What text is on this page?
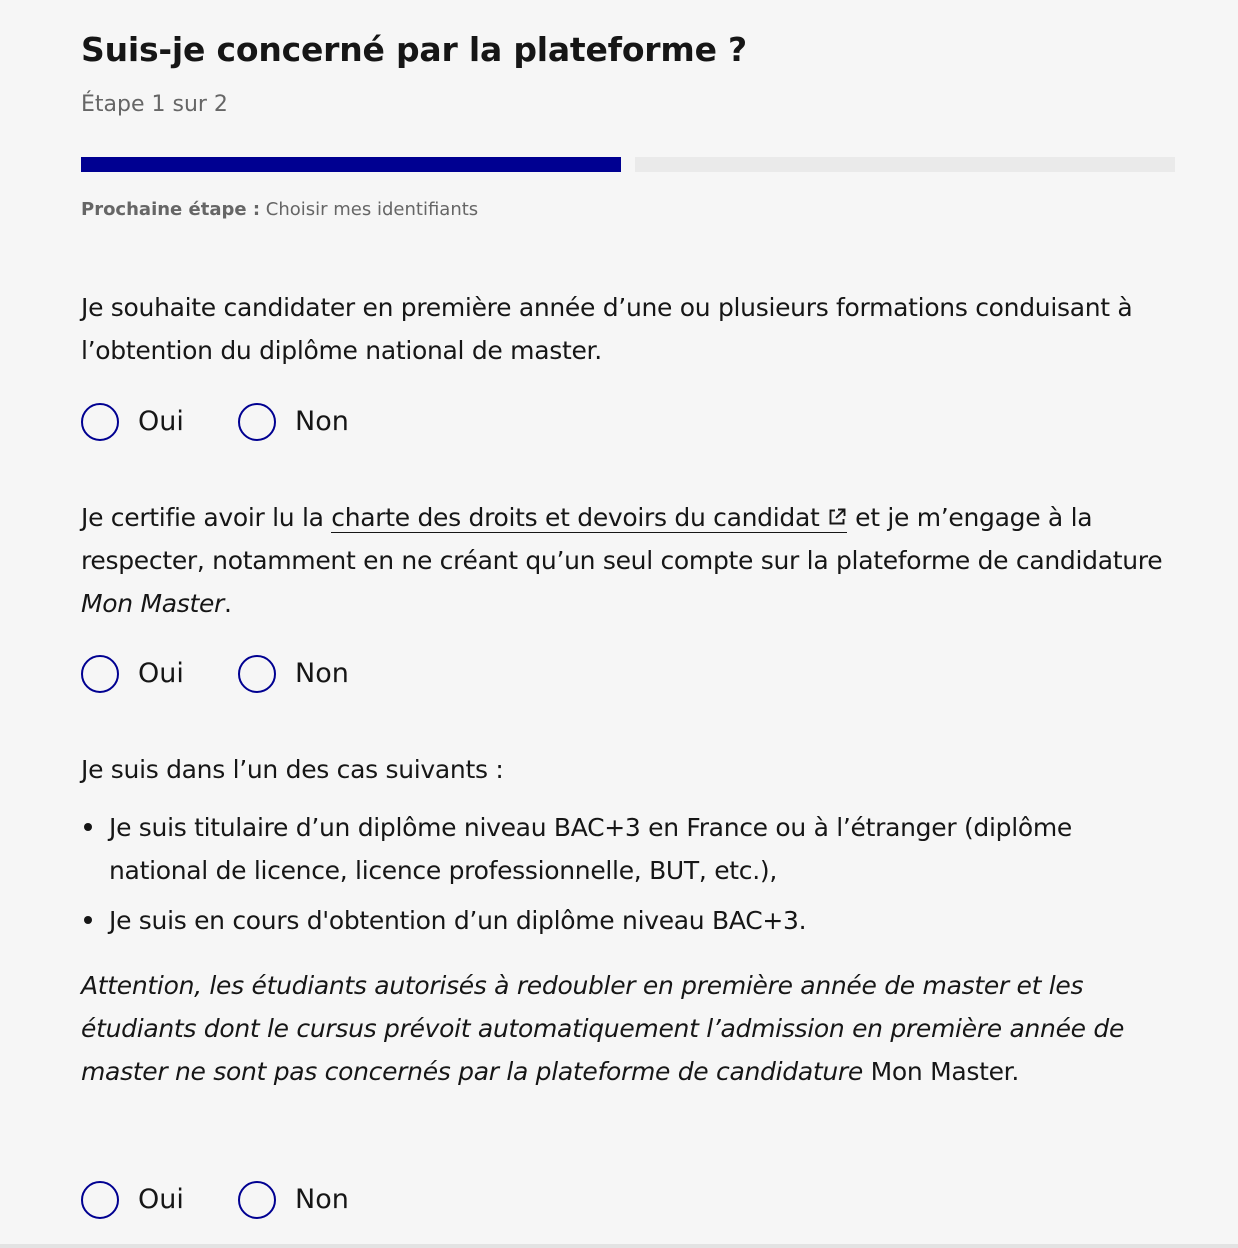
Suis-je concerné par la plateforme ?
Étape 1 sur 2
Prochaine étape : Choisir mes identifiants

Je souhaite candidater en première année d’une ou plusieurs formations conduisant à l’obtention du diplôme national de master.

Oui	Non

Je certifie avoir lu la charte des droits et devoirs du candidat et je m’engage à la respecter, notamment en ne créant qu’un seul compte sur la plateforme de candidature Mon Master.

Oui	Non

Je suis dans l’un des cas suivants :

Je suis titulaire d’un diplôme niveau BAC+3 en France ou à l’étranger (diplôme national de licence, licence professionnelle, BUT, etc.),
Je suis en cours d'obtention d’un diplôme niveau BAC+3.

Attention, les étudiants autorisés à redoubler en première année de master et les étudiants dont le cursus prévoit automatiquement l’admission en première année de master ne sont pas concernés par la plateforme de candidature Mon Master.

Oui	Non
